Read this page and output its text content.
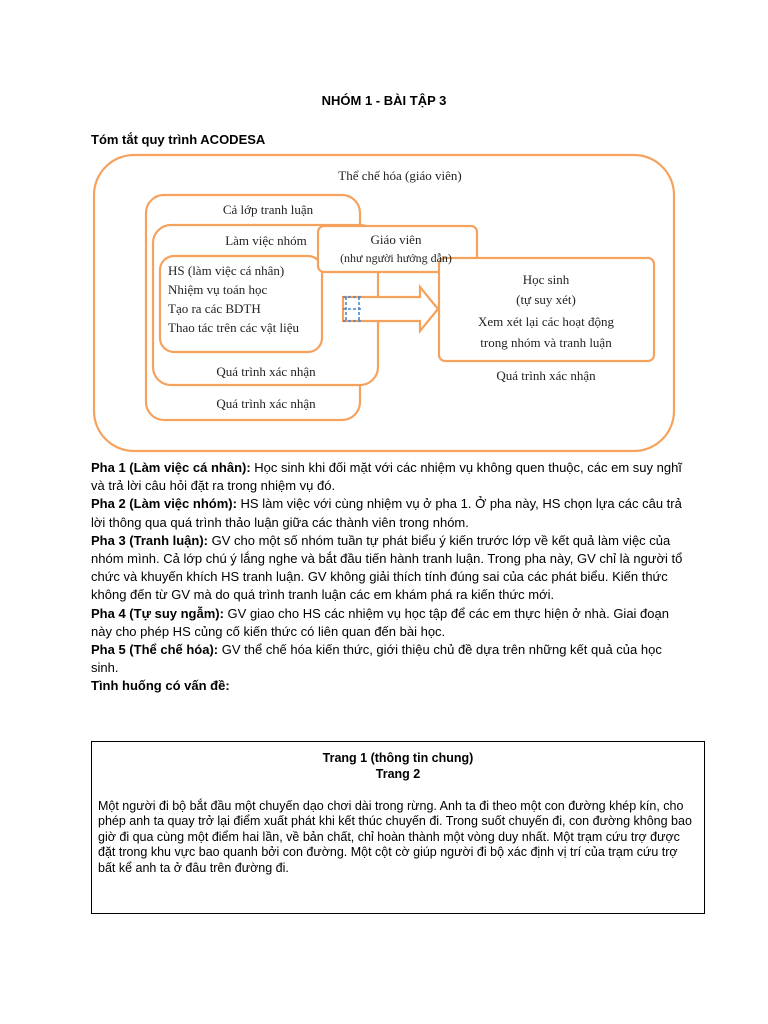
NHÓM 1 - BÀI TẬP 3
Tóm tắt quy trình ACODESA
Thể chế hóa (giáo viên)
Cả lớp tranh luận
Làm việc nhóm	Giáo viên
(như người hướng dẫn)
HS (làm việc cá nhân)
Nhiệm vụ toán học
Tạo ra các BDTH
Thao tác trên các vật liệu
Học sinh
(tự suy xét)
Xem xét lại các hoạt động
trong nhóm và tranh luận
Quá trình xác nhận
Quá trình xác nhận
Quá trình xác nhận

Pha 1 (Làm việc cá nhân): Học sinh khi đối mặt với các nhiệm vụ không quen thuộc, các em suy nghĩ và trả lời câu hỏi đặt ra trong nhiệm vụ đó.

Pha 2 (Làm việc nhóm): HS làm việc với cùng nhiệm vụ ở pha 1. Ở pha này, HS chọn lựa các câu trả lời thông qua quá trình thảo luận giữa các thành viên trong nhóm.

Pha 3 (Tranh luận): GV cho một số nhóm tuần tự phát biểu ý kiến trước lớp về kết quả làm việc của nhóm mình. Cả lớp chú ý lắng nghe và bắt đầu tiến hành tranh luận. Trong pha này, GV chỉ là người tổ chức và khuyến khích HS tranh luận. GV không giải thích tính đúng sai của các phát biểu. Kiến thức không đến từ GV mà do quá trình tranh luận các em khám phá ra kiến thức mới.

Pha 4 (Tự suy ngẫm): GV giao cho HS các nhiệm vụ học tập để các em thực hiện ở nhà. Giai đoạn này cho phép HS củng cố kiến thức có liên quan đến bài học.

Pha 5 (Thể chế hóa): GV thể chế hóa kiến thức, giới thiệu chủ đề dựa trên những kết quả của học sinh.

Tình huống có vấn đề:

Trang 1 (thông tin chung)
Trang 2
Một người đi bộ bắt đầu một chuyến dạo chơi dài trong rừng. Anh ta đi theo một con đường khép kín, cho phép anh ta quay trở lại điểm xuất phát khi kết thúc chuyến đi. Trong suốt chuyến đi, con đường không bao giờ đi qua cùng một điểm hai lần, về bản chất, chỉ hoàn thành một vòng duy nhất. Một trạm cứu trợ được đặt trong khu vực bao quanh bởi con đường. Một cột cờ giúp người đi bộ xác định vị trí của trạm cứu trợ bất kể anh ta ở đâu trên đường đi.
